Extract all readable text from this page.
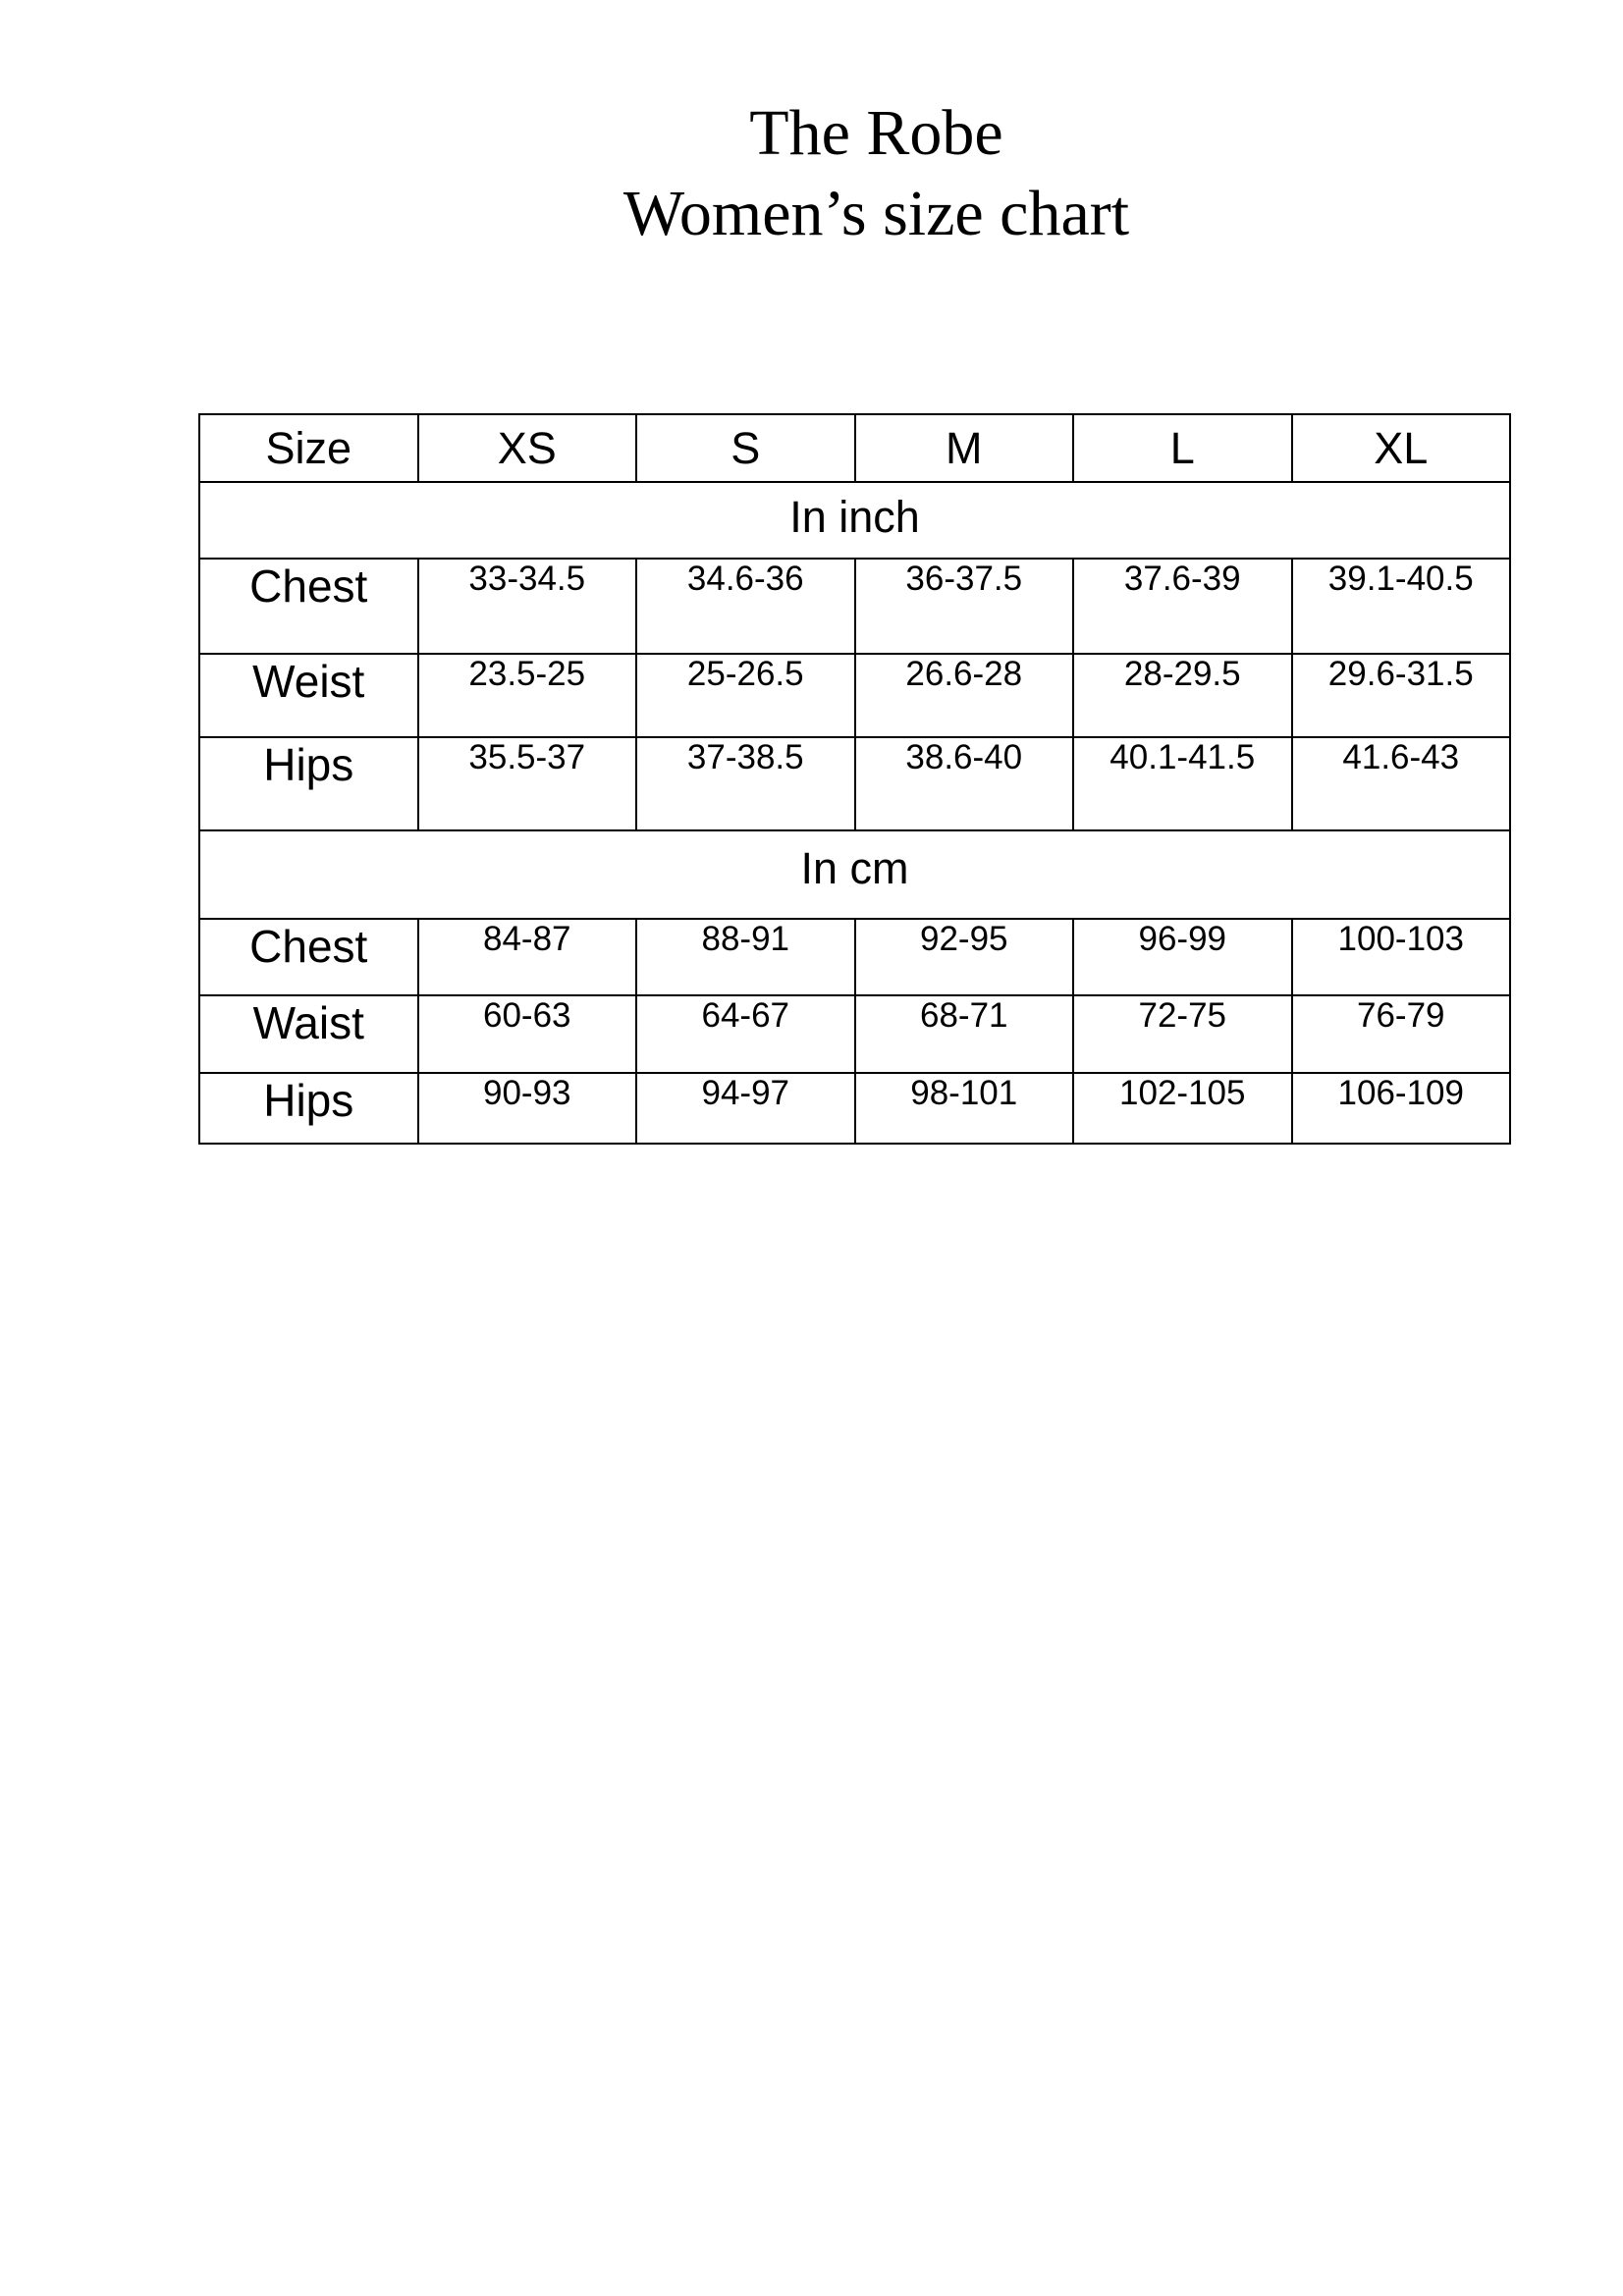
The Robe
Women’s size chart
Size	XS	S	M	L	XL
In inch					
Chest	33-34.5	34.6-36	36-37.5	37.6-39	39.1-40.5
Weist	23.5-25	25-26.5	26.6-28	28-29.5	29.6-31.5
Hips	35.5-37	37-38.5	38.6-40	40.1-41.5	41.6-43
In cm					
Chest	84-87	88-91	92-95	96-99	100-103
Waist	60-63	64-67	68-71	72-75	76-79
Hips	90-93	94-97	98-101	102-105	106-109
